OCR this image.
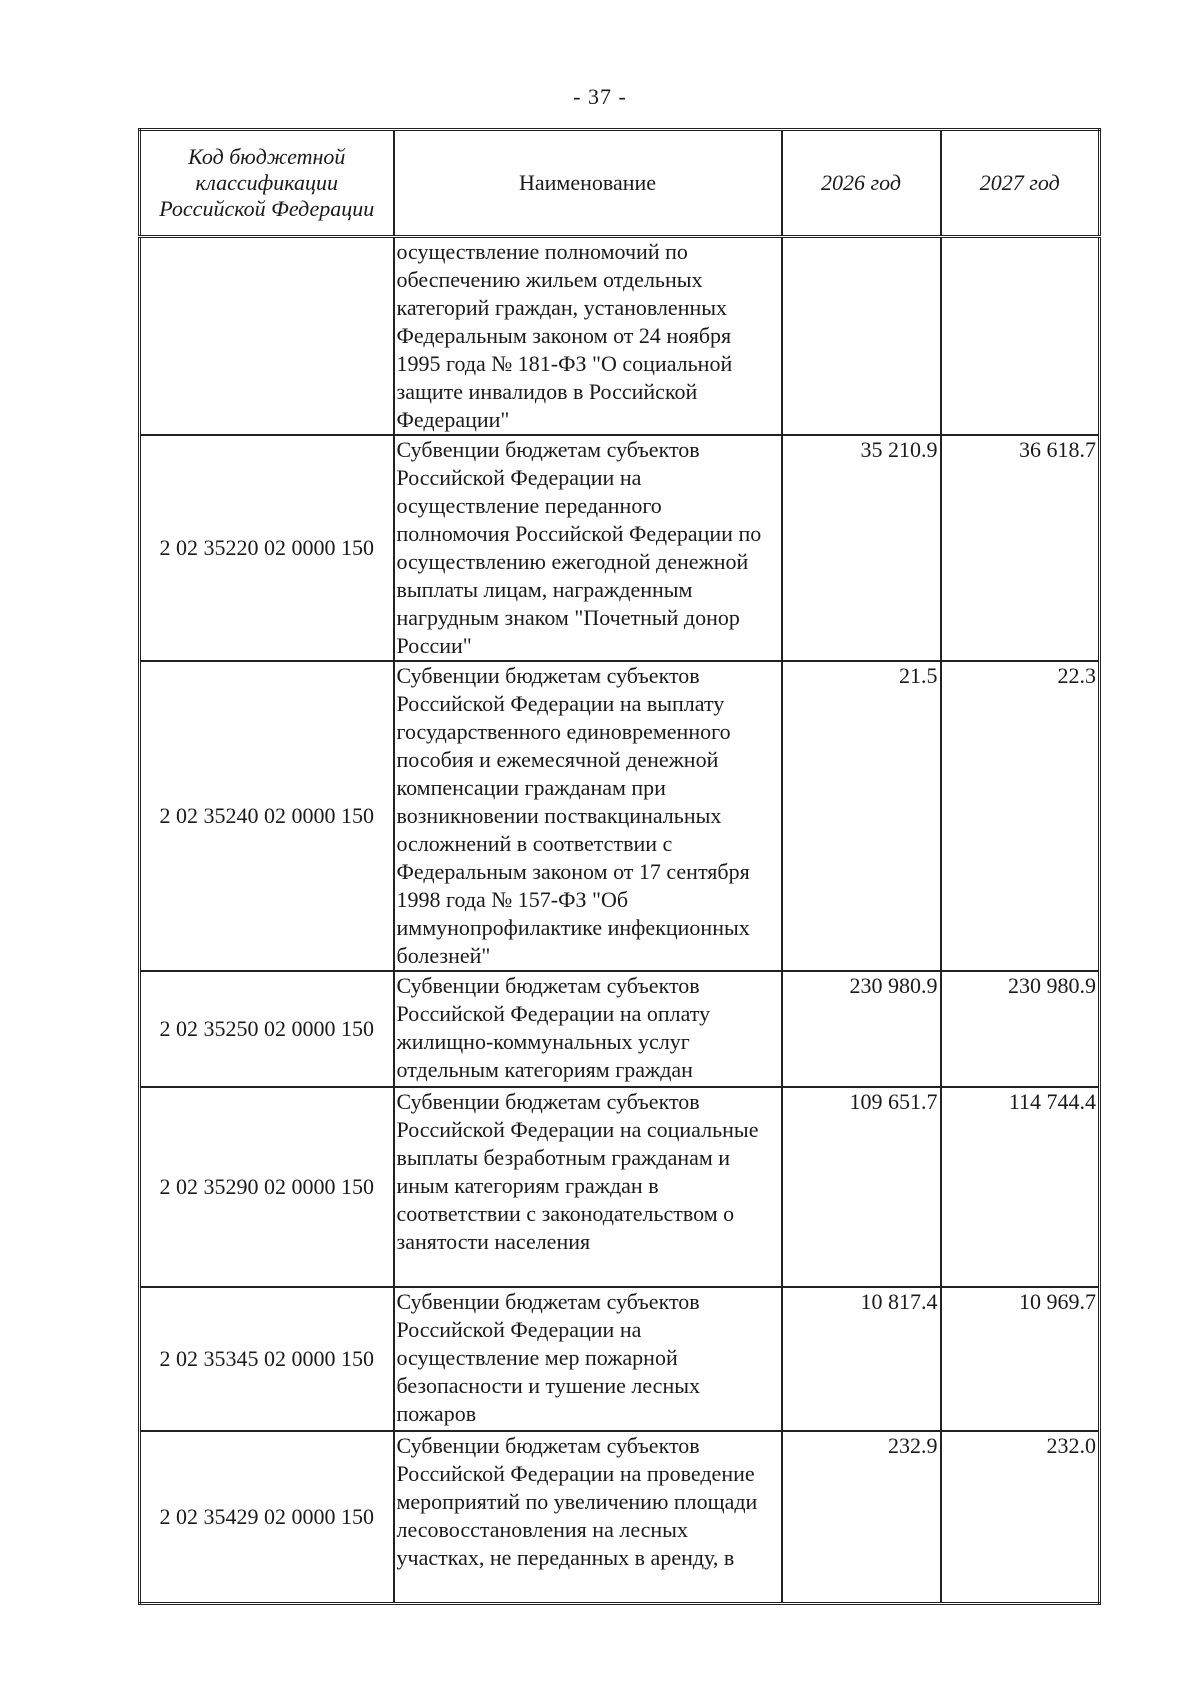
- 37 -
Код бюджетной классификации Российской Федерации	Наименование	2026 год	2027 год
	осуществление полномочий по обеспечению жильем отдельных категорий граждан, установленных Федеральным законом от 24 ноября 1995 года № 181-ФЗ "О социальной защите инвалидов в Российской Федерации"		
2 02 35220 02 0000 150	Субвенции бюджетам субъектов Российской Федерации на осуществление переданного полномочия Российской Федерации по осуществлению ежегодной денежной выплаты лицам, награжденным нагрудным знаком "Почетный донор России"	35 210.9	36 618.7
2 02 35240 02 0000 150	Субвенции бюджетам субъектов Российской Федерации на выплату государственного единовременного пособия и ежемесячной денежной компенсации гражданам при возникновении поствакцинальных осложнений в соответствии с Федеральным законом от 17 сентября 1998 года № 157-ФЗ "Об иммунопрофилактике инфекционных болезней"	21.5	22.3
2 02 35250 02 0000 150	Субвенции бюджетам субъектов Российской Федерации на оплату жилищно-коммунальных услуг отдельным категориям граждан	230 980.9	230 980.9
2 02 35290 02 0000 150	Субвенции бюджетам субъектов Российской Федерации на социальные выплаты безработным гражданам и иным категориям граждан в соответствии с законодательством о занятости населения	109 651.7	114 744.4
2 02 35345 02 0000 150	Субвенции бюджетам субъектов Российской Федерации на осуществление мер пожарной безопасности и тушение лесных пожаров	10 817.4	10 969.7
2 02 35429 02 0000 150	Субвенции бюджетам субъектов Российской Федерации на проведение мероприятий по увеличению площади лесовосстановления на лесных участках, не переданных в аренду, в	232.9	232.0
